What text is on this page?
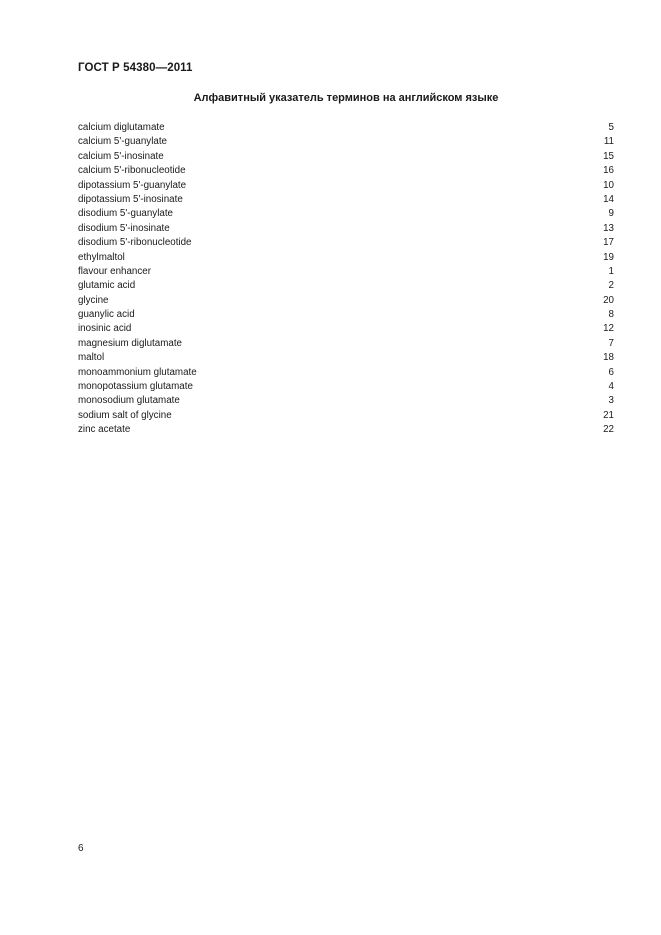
ГОСТ Р 54380—2011
Алфавитный указатель терминов на английском языке
calcium diglutamate	5
calcium 5'-guanylate	11
calcium 5'-inosinate	15
calcium 5'-ribonucleotide	16
dipotassium 5'-guanylate	10
dipotassium 5'-inosinate	14
disodium 5'-guanylate	9
disodium 5'-inosinate	13
disodium 5'-ribonucleotide	17
ethylmaltol	19
flavour enhancer	1
glutamic acid	2
glycine	20
guanylic acid	8
inosinic acid	12
magnesium diglutamate	7
maltol	18
monoammonium glutamate	6
monopotassium glutamate	4
monosodium glutamate	3
sodium salt of glycine	21
zinc acetate	22
6
